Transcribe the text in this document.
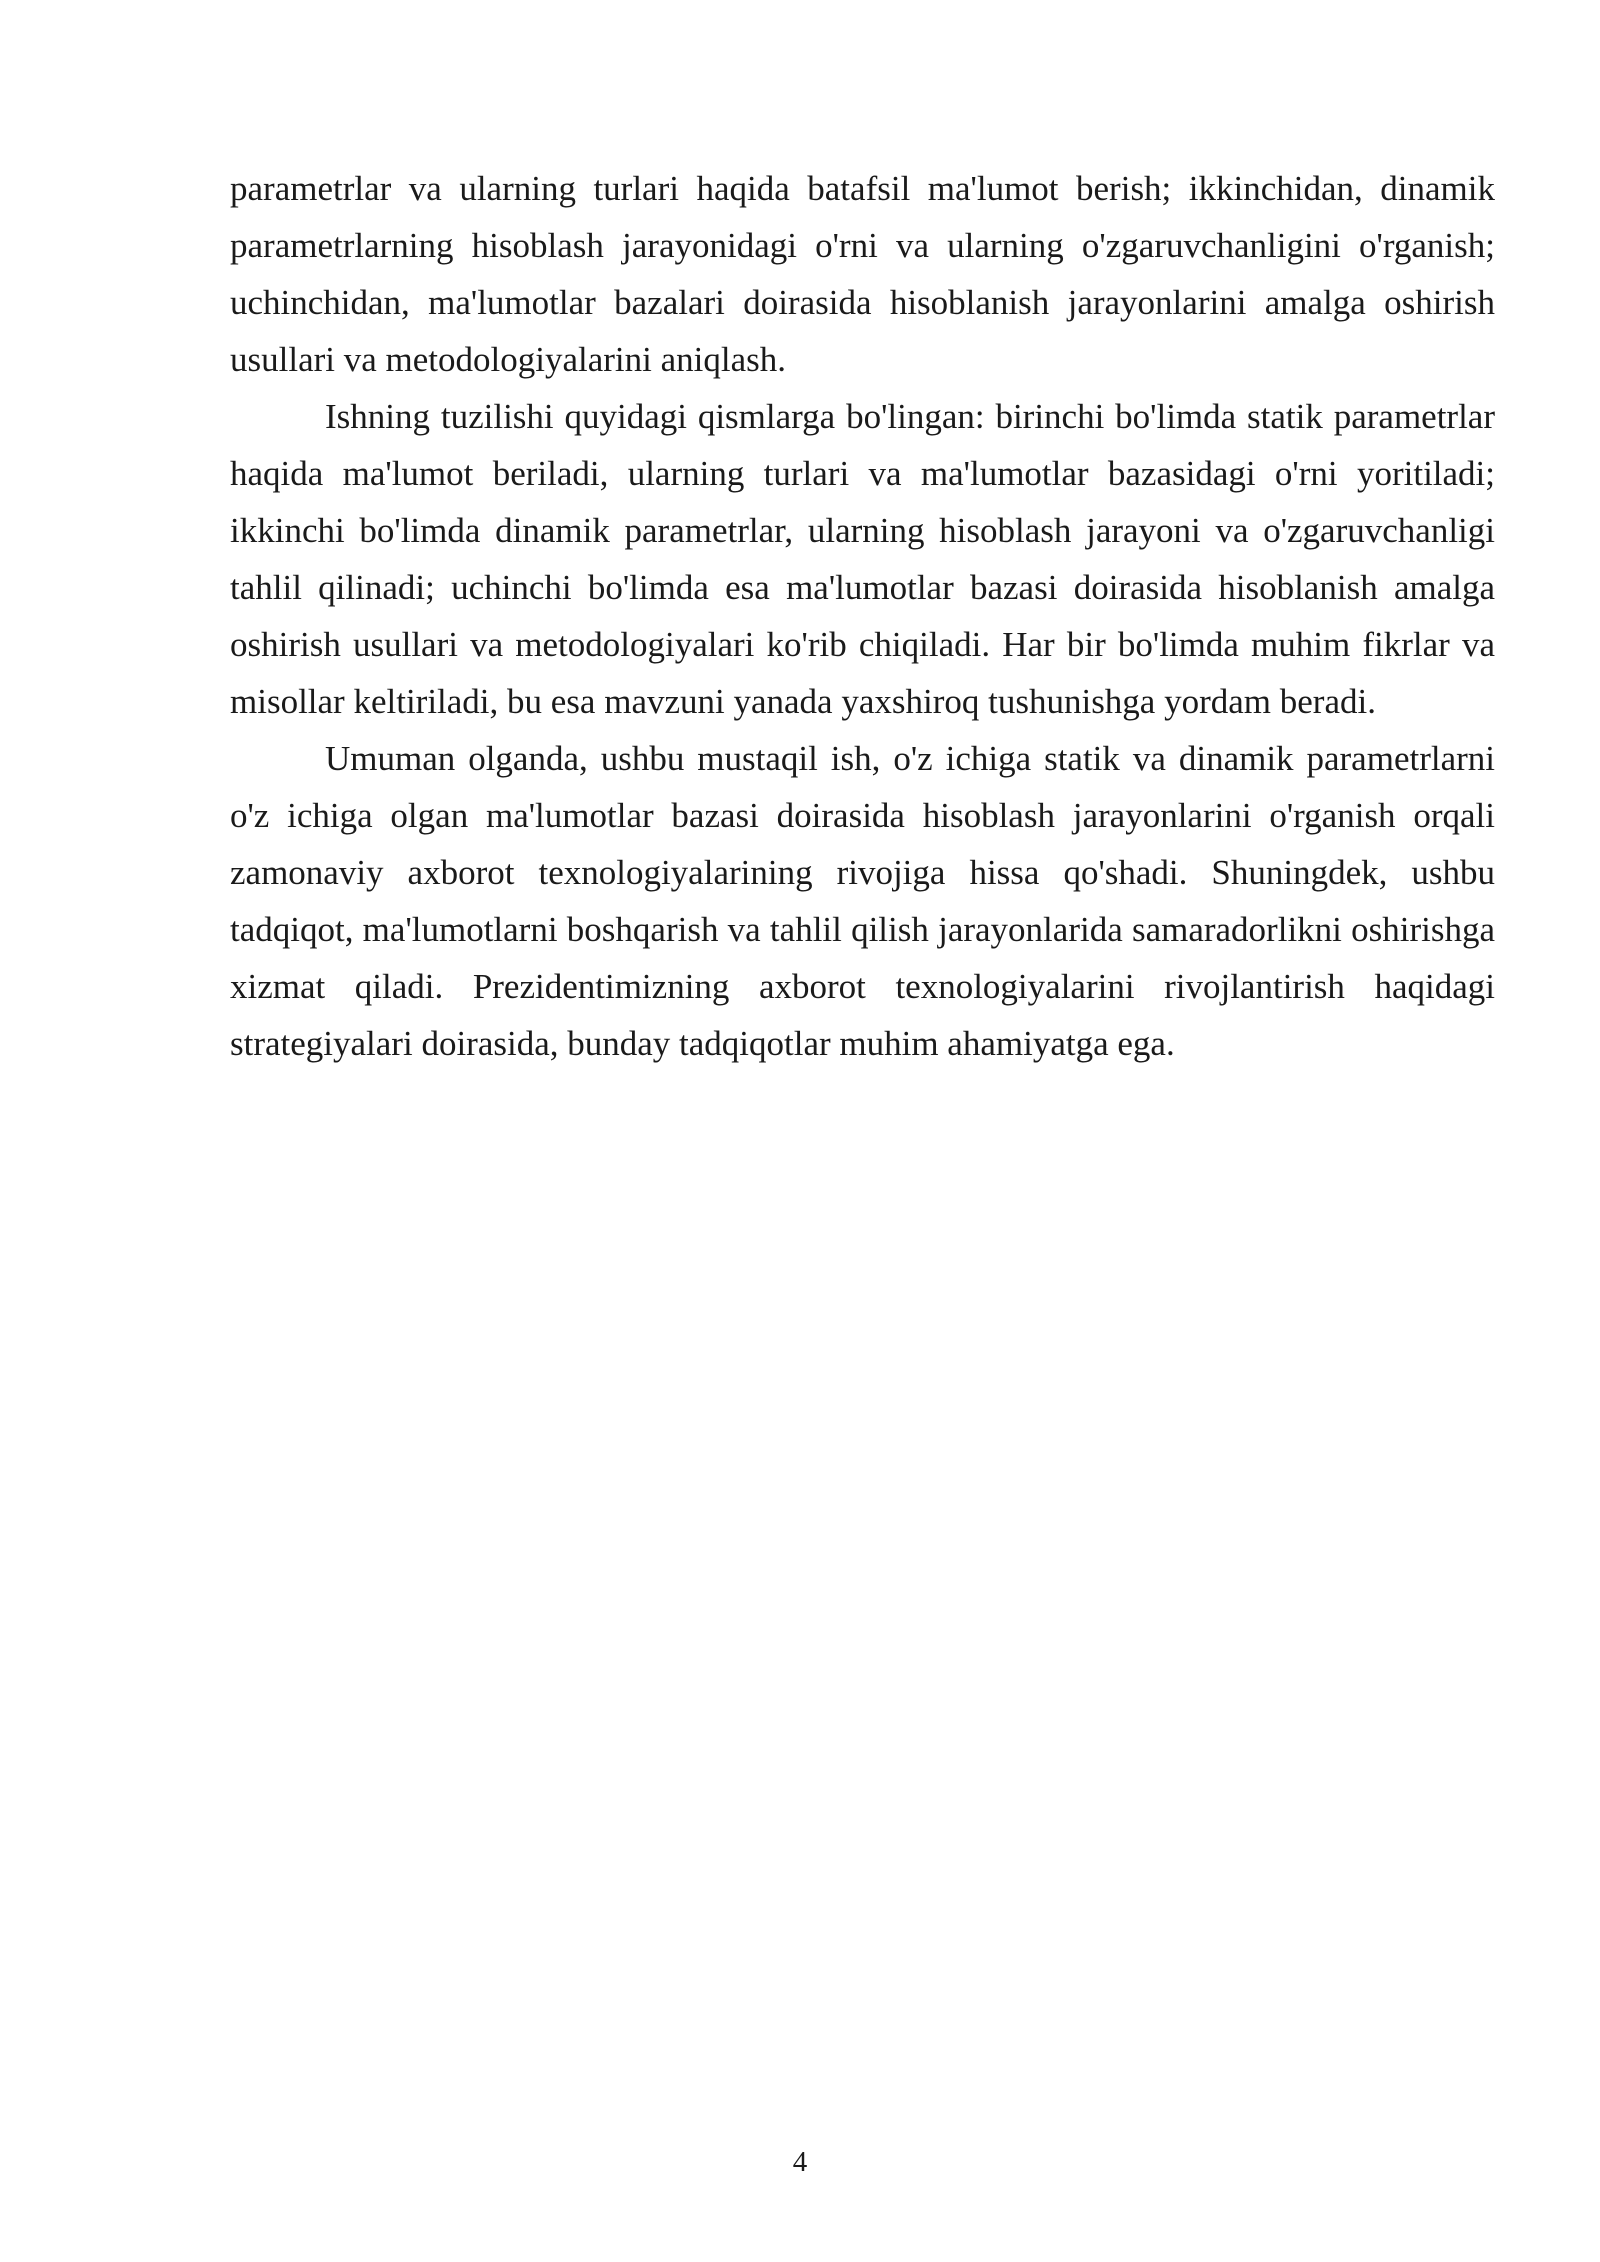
parametrlar va ularning turlari haqida batafsil ma'lumot berish; ikkinchidan, dinamik parametrlarning hisoblash jarayonidagi o'rni va ularning o'zgaruvchanligini o'rganish; uchinchidan, ma'lumotlar bazalari doirasida hisoblanish jarayonlarini amalga oshirish usullari va metodologiyalarini aniqlash.

Ishning tuzilishi quyidagi qismlarga bo'lingan: birinchi bo'limda statik parametrlar haqida ma'lumot beriladi, ularning turlari va ma'lumotlar bazasidagi o'rni yoritiladi; ikkinchi bo'limda dinamik parametrlar, ularning hisoblash jarayoni va o'zgaruvchanligi tahlil qilinadi; uchinchi bo'limda esa ma'lumotlar bazasi doirasida hisoblanish amalga oshirish usullari va metodologiyalari ko'rib chiqiladi. Har bir bo'limda muhim fikrlar va misollar keltiriladi, bu esa mavzuni yanada yaxshiroq tushunishga yordam beradi.

Umuman olganda, ushbu mustaqil ish, o'z ichiga statik va dinamik parametrlarni o'z ichiga olgan ma'lumotlar bazasi doirasida hisoblash jarayonlarini o'rganish orqali zamonaviy axborot texnologiyalarining rivojiga hissa qo'shadi. Shuningdek, ushbu tadqiqot, ma'lumotlarni boshqarish va tahlil qilish jarayonlarida samaradorlikni oshirishga xizmat qiladi. Prezidentimizning axborot texnologiyalarini rivojlantirish haqidagi strategiyalari doirasida, bunday tadqiqotlar muhim ahamiyatga ega.

4
